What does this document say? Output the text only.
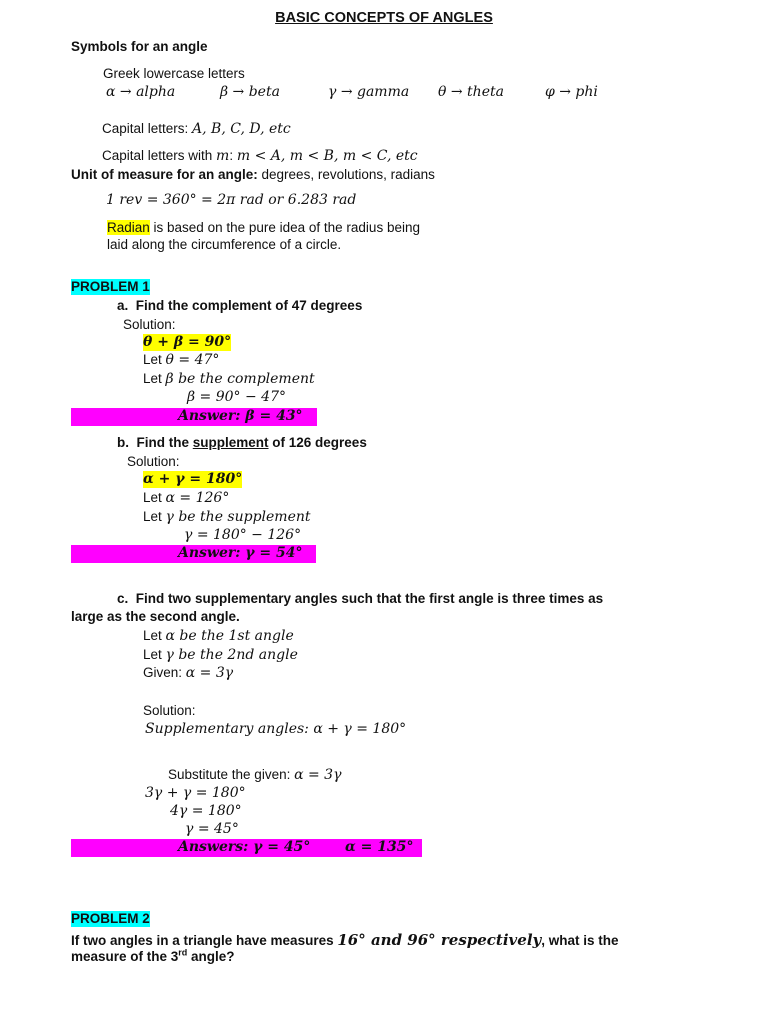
BASIC CONCEPTS OF ANGLES
Symbols for an angle
Greek lowercase letters
α → alpha	β → beta	γ → gamma θ → theta	φ → phi
Capital letters: A, B, C, D, etc
Capital letters with m: m < A, m < B, m < C, etc
Unit of measure for an angle: degrees, revolutions, radians
1 rev = 360° = 2π rad or 6.283 rad
Radian is based on the pure idea of the radius being
laid along the circumference of a circle.
PROBLEM 1
a. Find the complement of 47 degrees
Solution:
θ + β = 90°
Let θ = 47°
Let β be the complement
β = 90° − 47°
Answer: β = 43°
b. Find the supplement of 126 degrees
Solution:
α + γ = 180°
Let α = 126°
Let γ be the supplement
γ = 180° − 126°
Answer: γ = 54°
c. Find two supplementary angles such that the first angle is three times as
large as the second angle.
Let α be the 1st angle
Let γ be the 2nd angle
Given: α = 3γ
Solution:
Supplementary angles: α + γ = 180°
Substitute the given: α = 3γ
3γ + γ = 180°
4γ = 180°
γ = 45°
Answers: γ = 45° α = 135°
PROBLEM 2
If two angles in a triangle have measures 16° and 96° respectively, what is the
measure of the 3rd angle?
